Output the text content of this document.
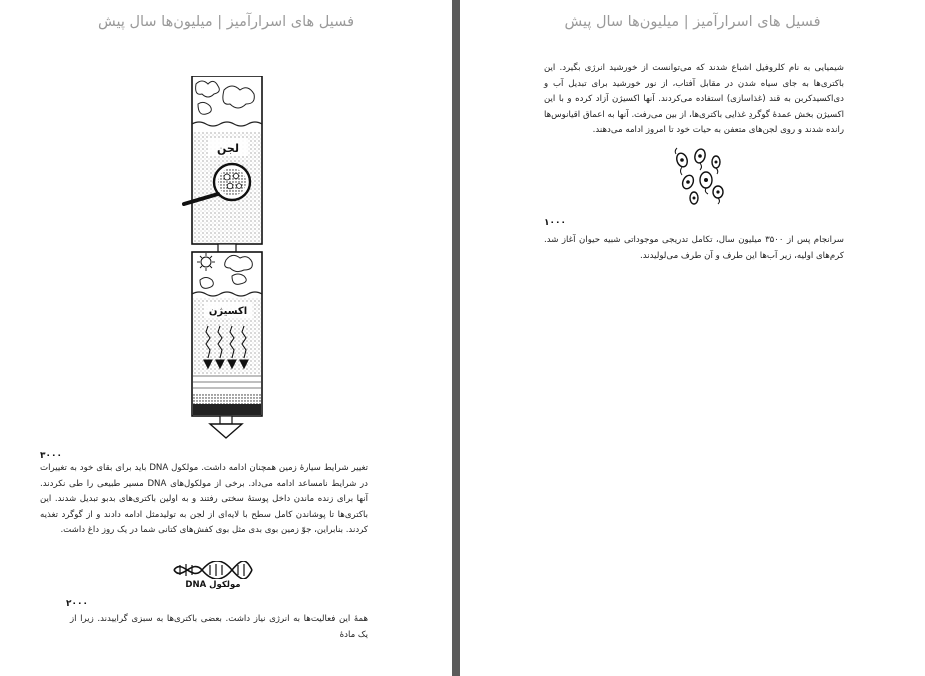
فسیل های اسرارآمیز | میلیون‌ها سال پیش
لجن
اکسیژن
۳۰۰۰
تغییر شرایط سیارهٔ زمین همچنان ادامه داشت. مولکول DNA باید برای بقای خود به تغییرات در شرایط نامساعد ادامه می‌داد. برخی از مولکول‌های DNA مسیر طبیعی را طی نکردند. آنها برای زنده ماندن داخل پوستهٔ سختی رفتند و به اولین باکتری‌های بدبو تبدیل شدند. این باکتری‌ها تا پوشاندن کامل سطح با لایه‌ای از لجن به تولیدمثل ادامه دادند و از گوگرد تغذیه کردند. بنابراین، جوّ زمین بوی بدی مثل بوی کفش‌های کتانی شما در یک روز داغ داشت.
مولکول DNA
۲۰۰۰
همهٔ این فعالیت‌ها به انرژی نیاز داشت. بعضی باکتری‌ها به سبزی گراییدند. زیرا از یک مادهٔ
فسیل های اسرارآمیز | میلیون‌ها سال پیش
شیمیایی به نام کلروفیل اشباع شدند که می‌توانست از خورشید انرژی بگیرد. این باکتری‌ها به جای سیاه شدن در مقابل آفتاب، از نور خورشید برای تبدیل آب و دی‌اکسیدکربن به قند (غذاسازی) استفاده می‌کردند. آنها اکسیژن آزاد کرده و با این اکسیژن بخش عمدهٔ گوگردِ غذایی باکتری‌ها، از بین می‌رفت. آنها به اعماق اقیانوس‌ها رانده شدند و روی لجن‌های متعفن به حیات خود تا امروز ادامه می‌دهند.
۱۰۰۰
سرانجام پس از ۳۵۰۰ میلیون سال، تکامل تدریجی موجوداتی شبیه حیوان آغاز شد. کرم‌های اولیه، زیر آب‌ها این طرف و آن طرف می‌لولیدند.
